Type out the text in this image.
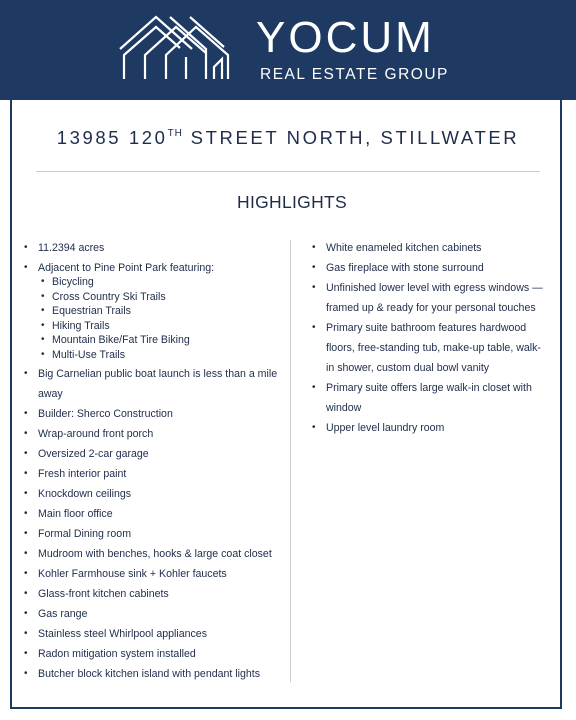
YOCUM
REAL ESTATE GROUP
13985 120TH STREET NORTH, STILLWATER
HIGHLIGHTS
• 11.2394 acres
• Adjacent to Pine Point Park featuring:
• Bicycling
• Cross Country Ski Trails
• Equestrian Trails
• Hiking Trails
• Mountain Bike/Fat Tire Biking
• Multi-Use Trails
• Big Carnelian public boat launch is less than a mile away
• Builder: Sherco Construction
• Wrap-around front porch
• Oversized 2-car garage
• Fresh interior paint
• Knockdown ceilings
• Main floor office
• Formal Dining room
• Mudroom with benches, hooks & large coat closet
• Kohler Farmhouse sink + Kohler faucets
• Glass-front kitchen cabinets
• Gas range
• Stainless steel Whirlpool appliances
• Radon mitigation system installed
• Butcher block kitchen island with pendant lights
• White enameled kitchen cabinets
• Gas fireplace with stone surround
• Unfinished lower level with egress windows — framed up & ready for your personal touches
• Primary suite bathroom features hardwood floors, free-standing tub, make-up table, walk-in shower, custom dual bowl vanity
• Primary suite offers large walk-in closet with window
• Upper level laundry room
